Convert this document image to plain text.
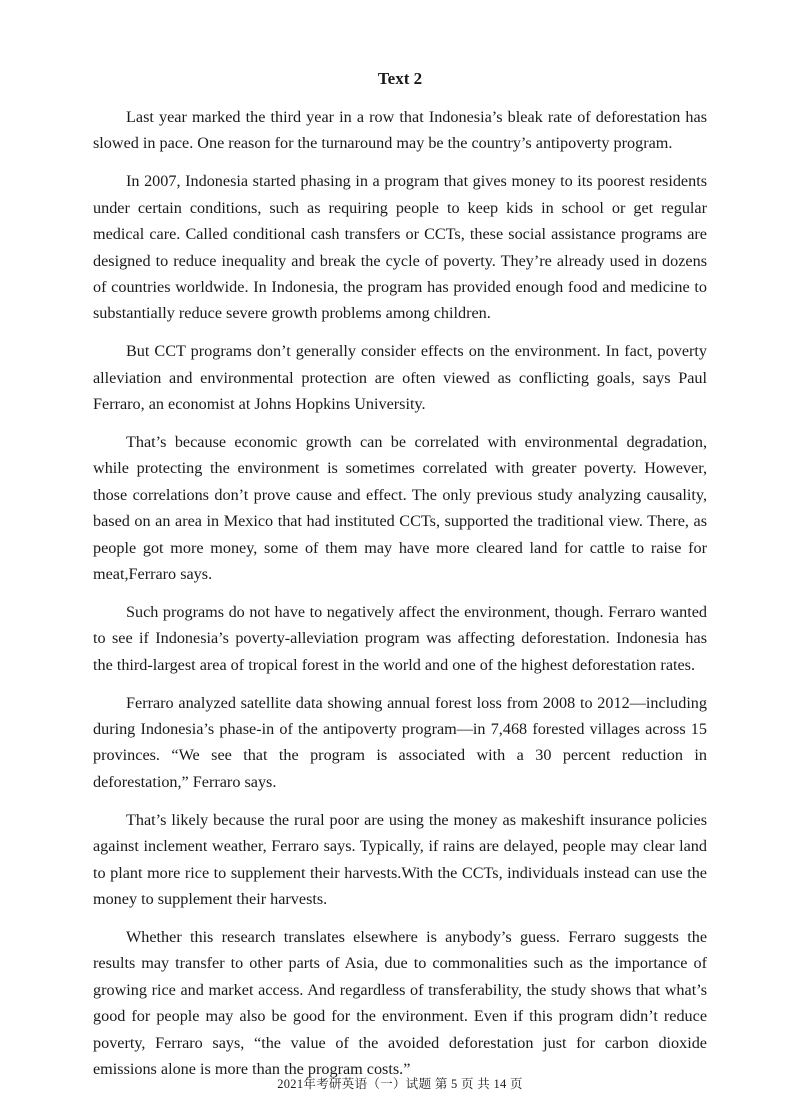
Text 2

Last year marked the third year in a row that Indonesia’s bleak rate of deforestation has slowed in pace. One reason for the turnaround may be the country’s antipoverty program.

In 2007, Indonesia started phasing in a program that gives money to its poorest residents under certain conditions, such as requiring people to keep kids in school or get regular medical care. Called conditional cash transfers or CCTs, these social assistance programs are designed to reduce inequality and break the cycle of poverty. They’re already used in dozens of countries worldwide. In Indonesia, the program has provided enough food and medicine to substantially reduce severe growth problems among children.

But CCT programs don’t generally consider effects on the environment. In fact, poverty alleviation and environmental protection are often viewed as conflicting goals, says Paul Ferraro, an economist at Johns Hopkins University.

That’s because economic growth can be correlated with environmental degradation, while protecting the environment is sometimes correlated with greater poverty. However, those correlations don’t prove cause and effect. The only previous study analyzing causality, based on an area in Mexico that had instituted CCTs, supported the traditional view. There, as people got more money, some of them may have more cleared land for cattle to raise for meat,Ferraro says.

Such programs do not have to negatively affect the environment, though. Ferraro wanted to see if Indonesia’s poverty-alleviation program was affecting deforestation. Indonesia has the third-largest area of tropical forest in the world and one of the highest deforestation rates.

Ferraro analyzed satellite data showing annual forest loss from 2008 to 2012—including during Indonesia’s phase-in of the antipoverty program—in 7,468 forested villages across 15 provinces. “We see that the program is associated with a 30 percent reduction in deforestation,” Ferraro says.

That’s likely because the rural poor are using the money as makeshift insurance policies against inclement weather, Ferraro says. Typically, if rains are delayed, people may clear land to plant more rice to supplement their harvests.With the CCTs, individuals instead can use the money to supplement their harvests.

Whether this research translates elsewhere is anybody’s guess. Ferraro suggests the results may transfer to other parts of Asia, due to commonalities such as the importance of growing rice and market access. And regardless of transferability, the study shows that what’s good for people may also be good for the environment. Even if this program didn’t reduce poverty, Ferraro says, “the value of the avoided deforestation just for carbon dioxide emissions alone is more than the program costs.”

2021年考研英语（一）试题 第 5 页 共 14 页
